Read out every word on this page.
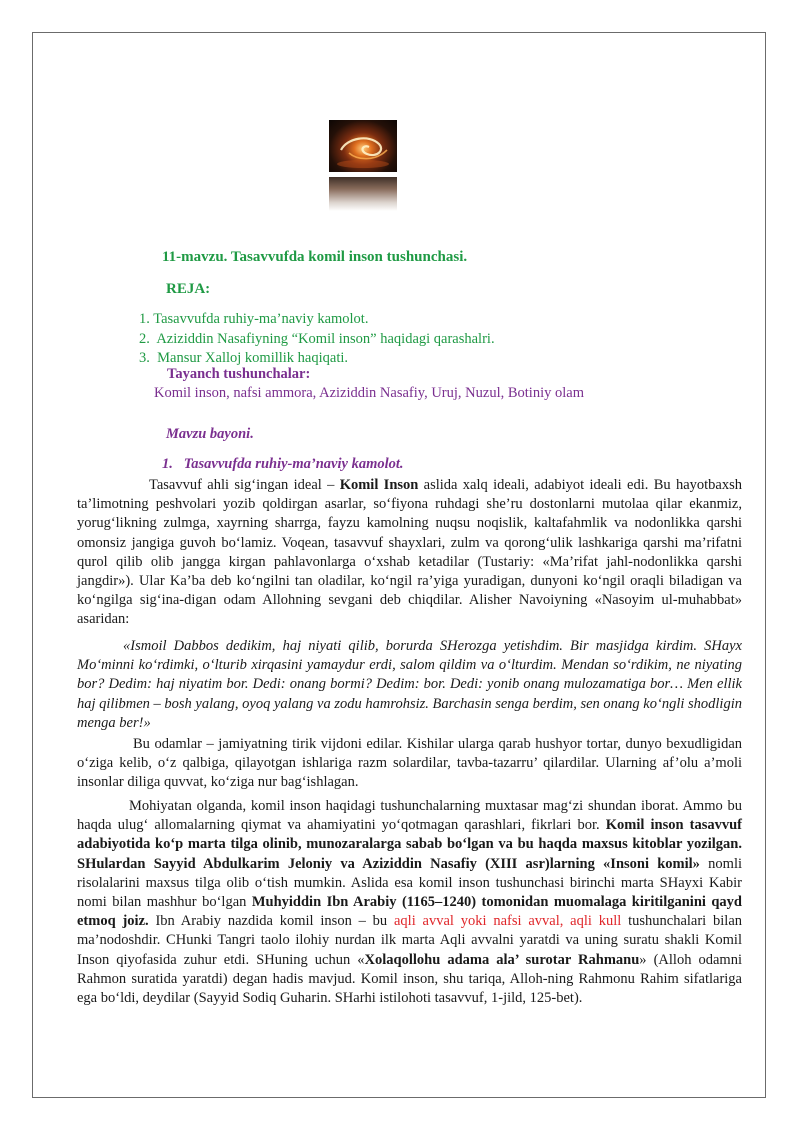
11-mavzu. Tasavvufda komil inson tushunchasi.
REJA:
1. Tasavvufda ruhiy-ma’naviy kamolot.
2. Aziziddin Nasafiyning “Komil inson” haqidagi qarashalri.
3. Mansur Xalloj komillik haqiqati.
Tayanch tushunchalar:
Komil inson, nafsi ammora, Aziziddin Nasafiy, Uruj, Nuzul, Botiniy olam
Mavzu bayoni.
1. Tasavvufda ruhiy-ma’naviy kamolot.

Tasavvuf ahli sig‘ingan ideal – Komil Inson aslida xalq ideali, adabiyot ideali edi. Bu hayotbaxsh ta’limotning peshvolari yozib qoldirgan asarlar, so‘fiyona ruhdagi she’ru dostonlarni mutolaa qilar ekanmiz, yorug‘likning zulmga, xayrning sharrga, fayzu kamolning nuqsu noqislik, kaltafahmlik va nodonlikka qarshi omonsiz jangiga guvoh bo‘lamiz. Voqean, tasavvuf shayxlari, zulm va qorong‘ulik lashkariga qarshi ma’rifatni qurol qilib olib jangga kirgan pahlavonlarga o‘xshab ketadilar (Tustariy: «Ma’rifat jahl-nodonlikka qarshi jangdir»). Ular Ka’ba deb ko‘ngilni tan oladilar, ko‘ngil ra’yiga yuradigan, dunyoni ko‘ngil oraqli biladigan va ko‘ngilga sig‘ina-digan odam Allohning sevgani deb chiqdilar. Alisher Navoiyning «Nasoyim ul-muhabbat» asaridan:

«Ismoil Dabbos dedikim, haj niyati qilib, borurda SHerozga yetishdim. Bir masjidga kirdim. SHayx Mo‘minni ko‘rdimki, o‘lturib xirqasini yamaydur erdi, salom qildim va o‘lturdim. Mendan so‘rdikim, ne niyating bor? Dedim: haj niyatim bor. Dedi: onang bormi? Dedim: bor. Dedi: yonib onang mulozamatiga bor… Men ellik haj qilibmen – bosh yalang, oyoq yalang va zodu hamrohsiz. Barchasin senga berdim, sen onang ko‘ngli shodligin menga ber!»

Bu odamlar – jamiyatning tirik vijdoni edilar. Kishilar ularga qarab hushyor tortar, dunyo bexudligidan o‘ziga kelib, o‘z qalbiga, qilayotgan ishlariga razm solardilar, tavba-tazarru’ qilardilar. Ularning af’olu a’moli insonlar diliga quvvat, ko‘ziga nur bag‘ishlagan.

Mohiyatan olganda, komil inson haqidagi tushunchalarning muxtasar mag‘zi shundan iborat. Ammo bu haqda ulug‘ allomalarning qiymat va ahamiyatini yo‘qotmagan qarashlari, fikrlari bor. Komil inson tasavvuf adabiyotida ko‘p marta tilga olinib, munozaralarga sabab bo‘lgan va bu haqda maxsus kitoblar yozilgan. SHulardan Sayyid Abdulkarim Jeloniy va Aziziddin Nasafiy (XIII asr)larning «Insoni komil» nomli risolalarini maxsus tilga olib o‘tish mumkin. Aslida esa komil inson tushunchasi birinchi marta SHayxi Kabir nomi bilan mashhur bo‘lgan Muhyiddin Ibn Arabiy (1165–1240) tomonidan muomalaga kiritilganini qayd etmoq joiz. Ibn Arabiy nazdida komil inson – bu aqli avval yoki nafsi avval, aqli kull tushunchalari bilan ma’nodoshdir. CHunki Tangri taolo ilohiy nurdan ilk marta Aqli avvalni yaratdi va uning suratu shakli Komil Inson qiyofasida zuhur etdi. SHuning uchun «Xolaqollohu adama ala’ surotar Rahmanu» (Alloh odamni Rahmon suratida yaratdi) degan hadis mavjud. Komil inson, shu tariqa, Alloh-ning Rahmonu Rahim sifatlariga ega bo‘ldi, deydilar (Sayyid Sodiq Guharin. SHarhi istilohoti tasavvuf, 1-jild, 125-bet).
